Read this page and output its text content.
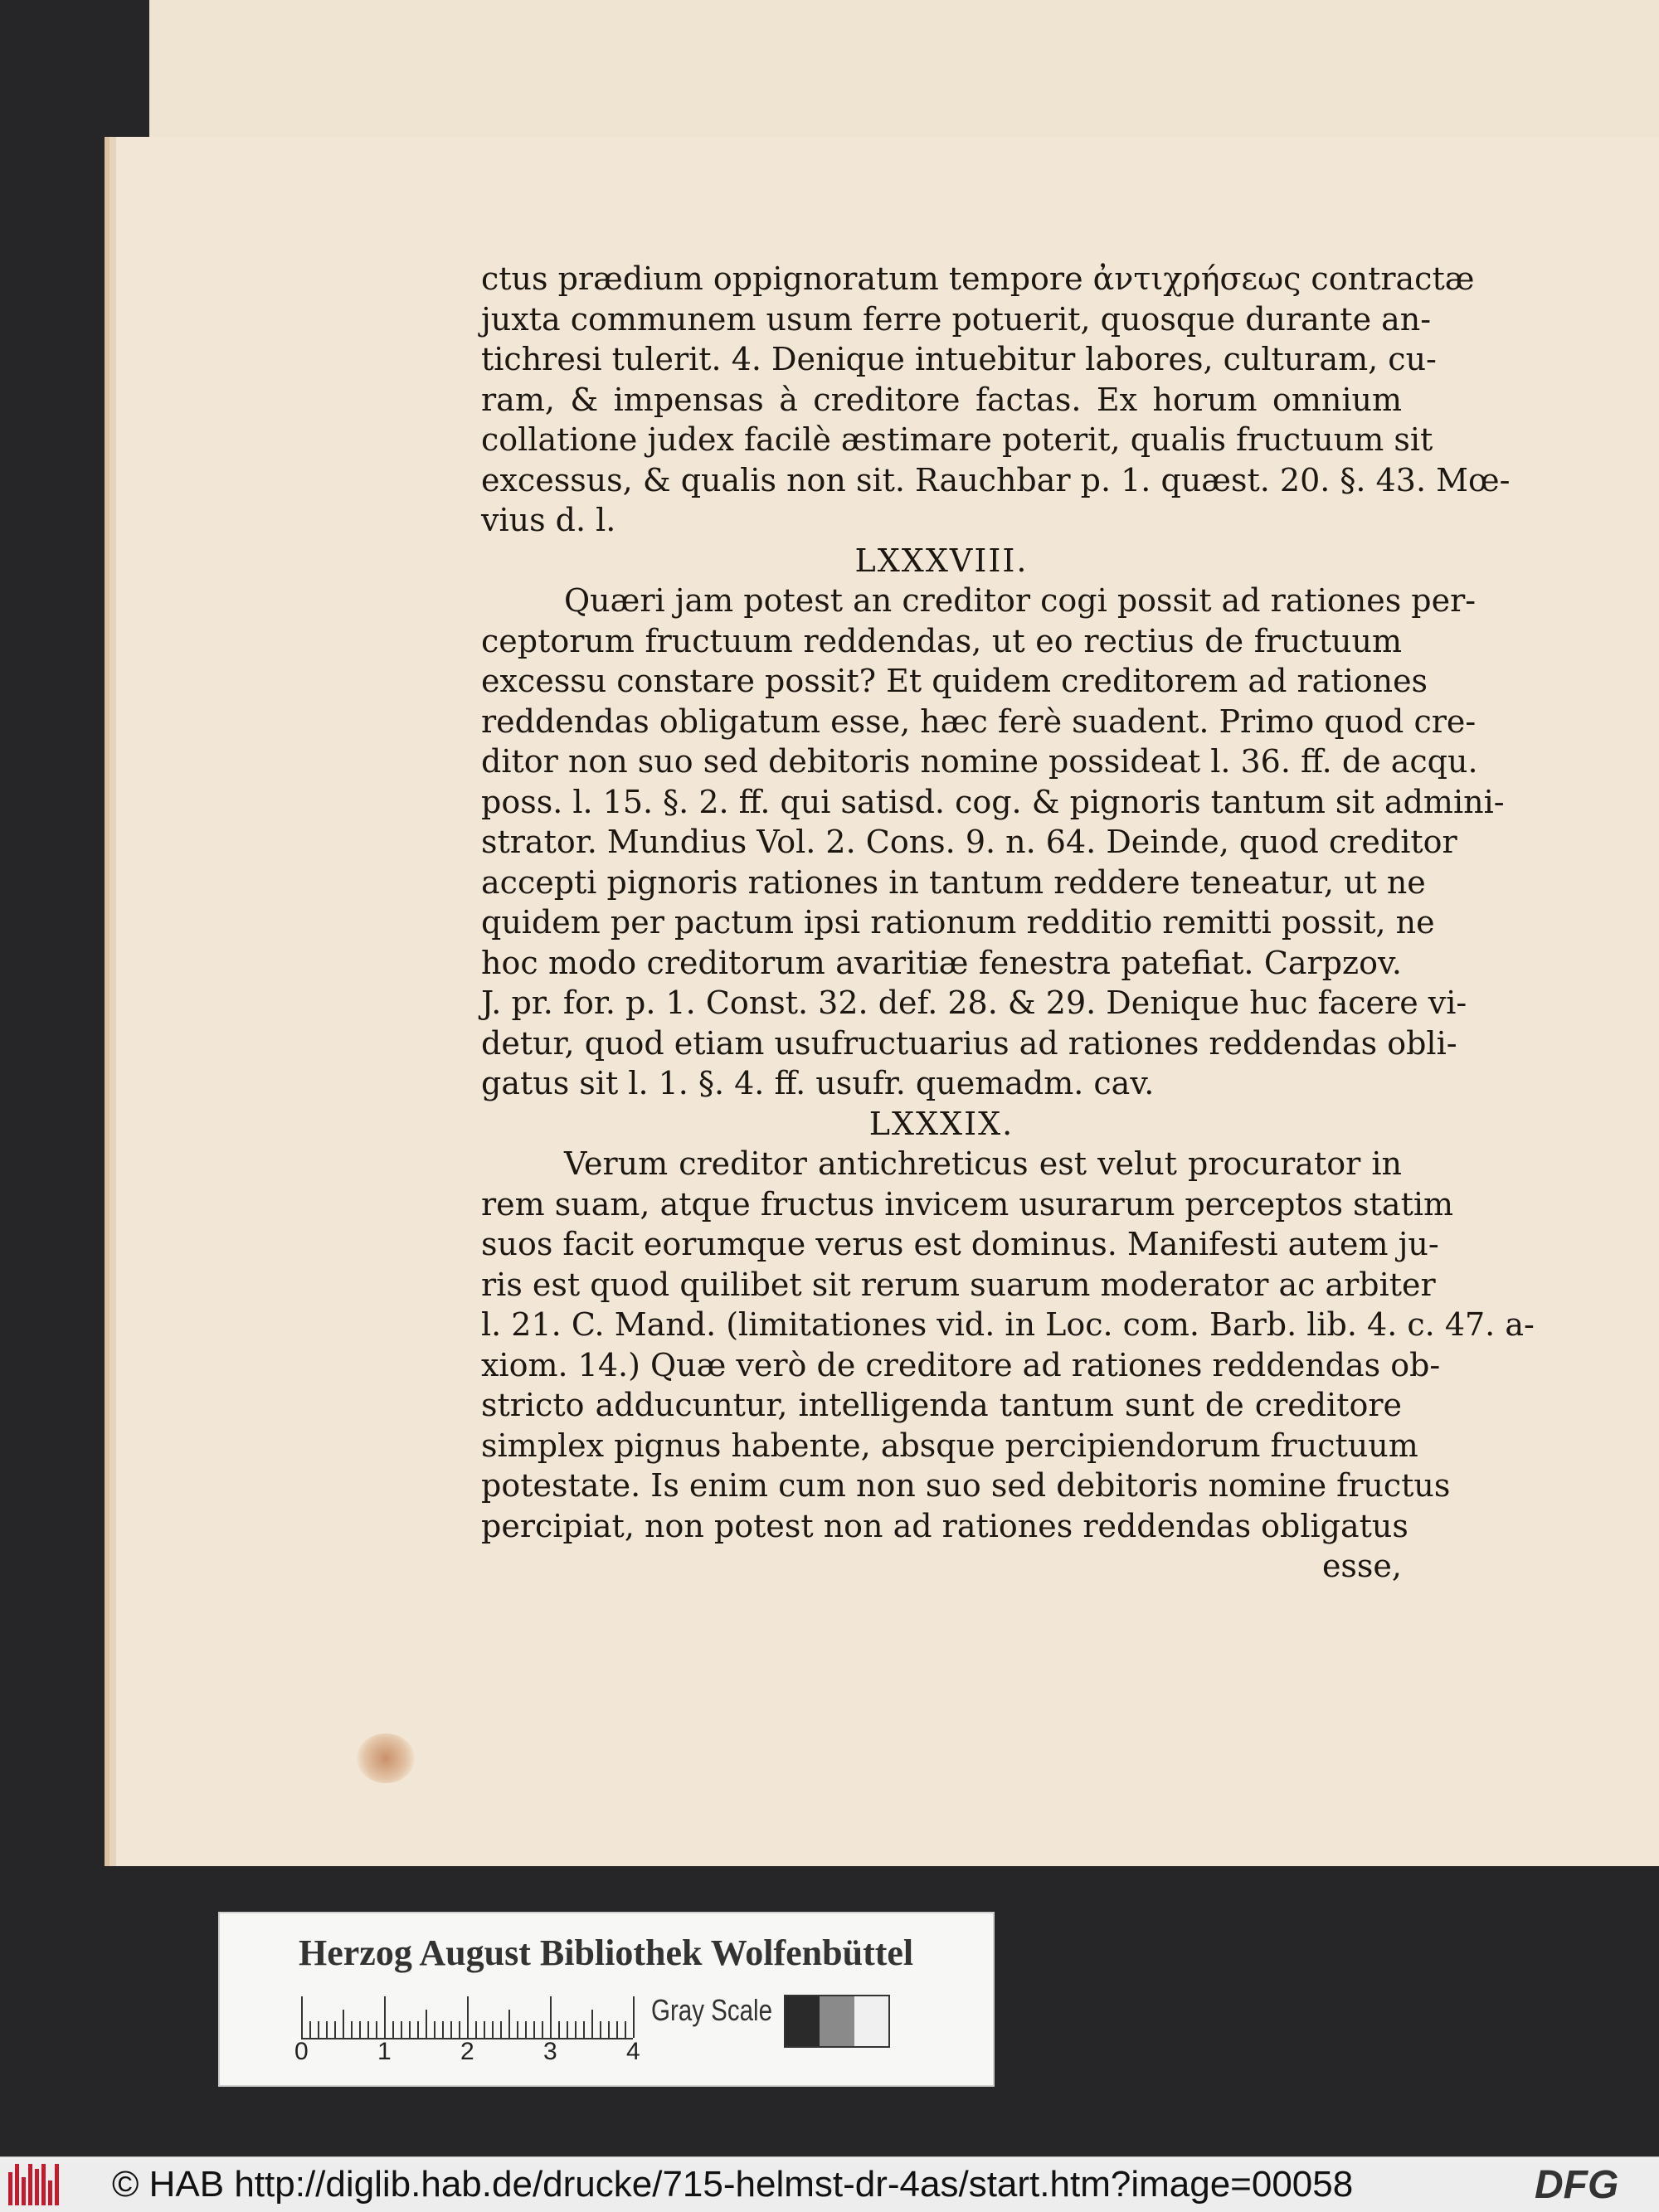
ctus prædium oppignoratum tempore ἀντιχρήσεως contractæ
juxta communem usum ferre potuerit, quosque durante an-
tichresi tulerit. 4. Denique intuebitur labores, culturam, cu-
ram, & impensas à creditore factas. Ex horum omnium
collatione judex facilè æstimare poterit, qualis fructuum sit
excessus, & qualis non sit. Rauchbar p. 1. quæst. 20. §. 43. Mœ-
vius d. l.
LXXXVIII.
Quæri jam potest an creditor cogi possit ad rationes per-
ceptorum fructuum reddendas, ut eo rectius de fructuum
excessu constare possit? Et quidem creditorem ad rationes
reddendas obligatum esse, hæc ferè suadent. Primo quod cre-
ditor non suo sed debitoris nomine possideat l. 36. ff. de acqu.
poss. l. 15. §. 2. ff. qui satisd. cog. & pignoris tantum sit admini-
strator. Mundius Vol. 2. Cons. 9. n. 64. Deinde, quod creditor
accepti pignoris rationes in tantum reddere teneatur, ut ne
quidem per pactum ipsi rationum redditio remitti possit, ne
hoc modo creditorum avaritiæ fenestra patefiat. Carpzov.
J. pr. for. p. 1. Const. 32. def. 28. & 29. Denique huc facere vi-
detur, quod etiam usufructuarius ad rationes reddendas obli-
gatus sit l. 1. §. 4. ff. usufr. quemadm. cav.
LXXXIX.
Verum creditor antichreticus est velut procurator in
rem suam, atque fructus invicem usurarum perceptos statim
suos facit eorumque verus est dominus. Manifesti autem ju-
ris est quod quilibet sit rerum suarum moderator ac arbiter
l. 21. C. Mand. (limitationes vid. in Loc. com. Barb. lib. 4. c. 47. a-
xiom. 14.) Quæ verò de creditore ad rationes reddendas ob-
stricto adducuntur, intelligenda tantum sunt de creditore
simplex pignus habente, absque percipiendorum fructuum
potestate. Is enim cum non suo sed debitoris nomine fructus
percipiat, non potest non ad rationes reddendas obligatus
esse,
Herzog August Bibliothek Wolfenbüttel
0	1	2	3	4
Gray Scale
© HAB http://diglib.hab.de/drucke/715-helmst-dr-4as/start.htm?image=00058	DFG
